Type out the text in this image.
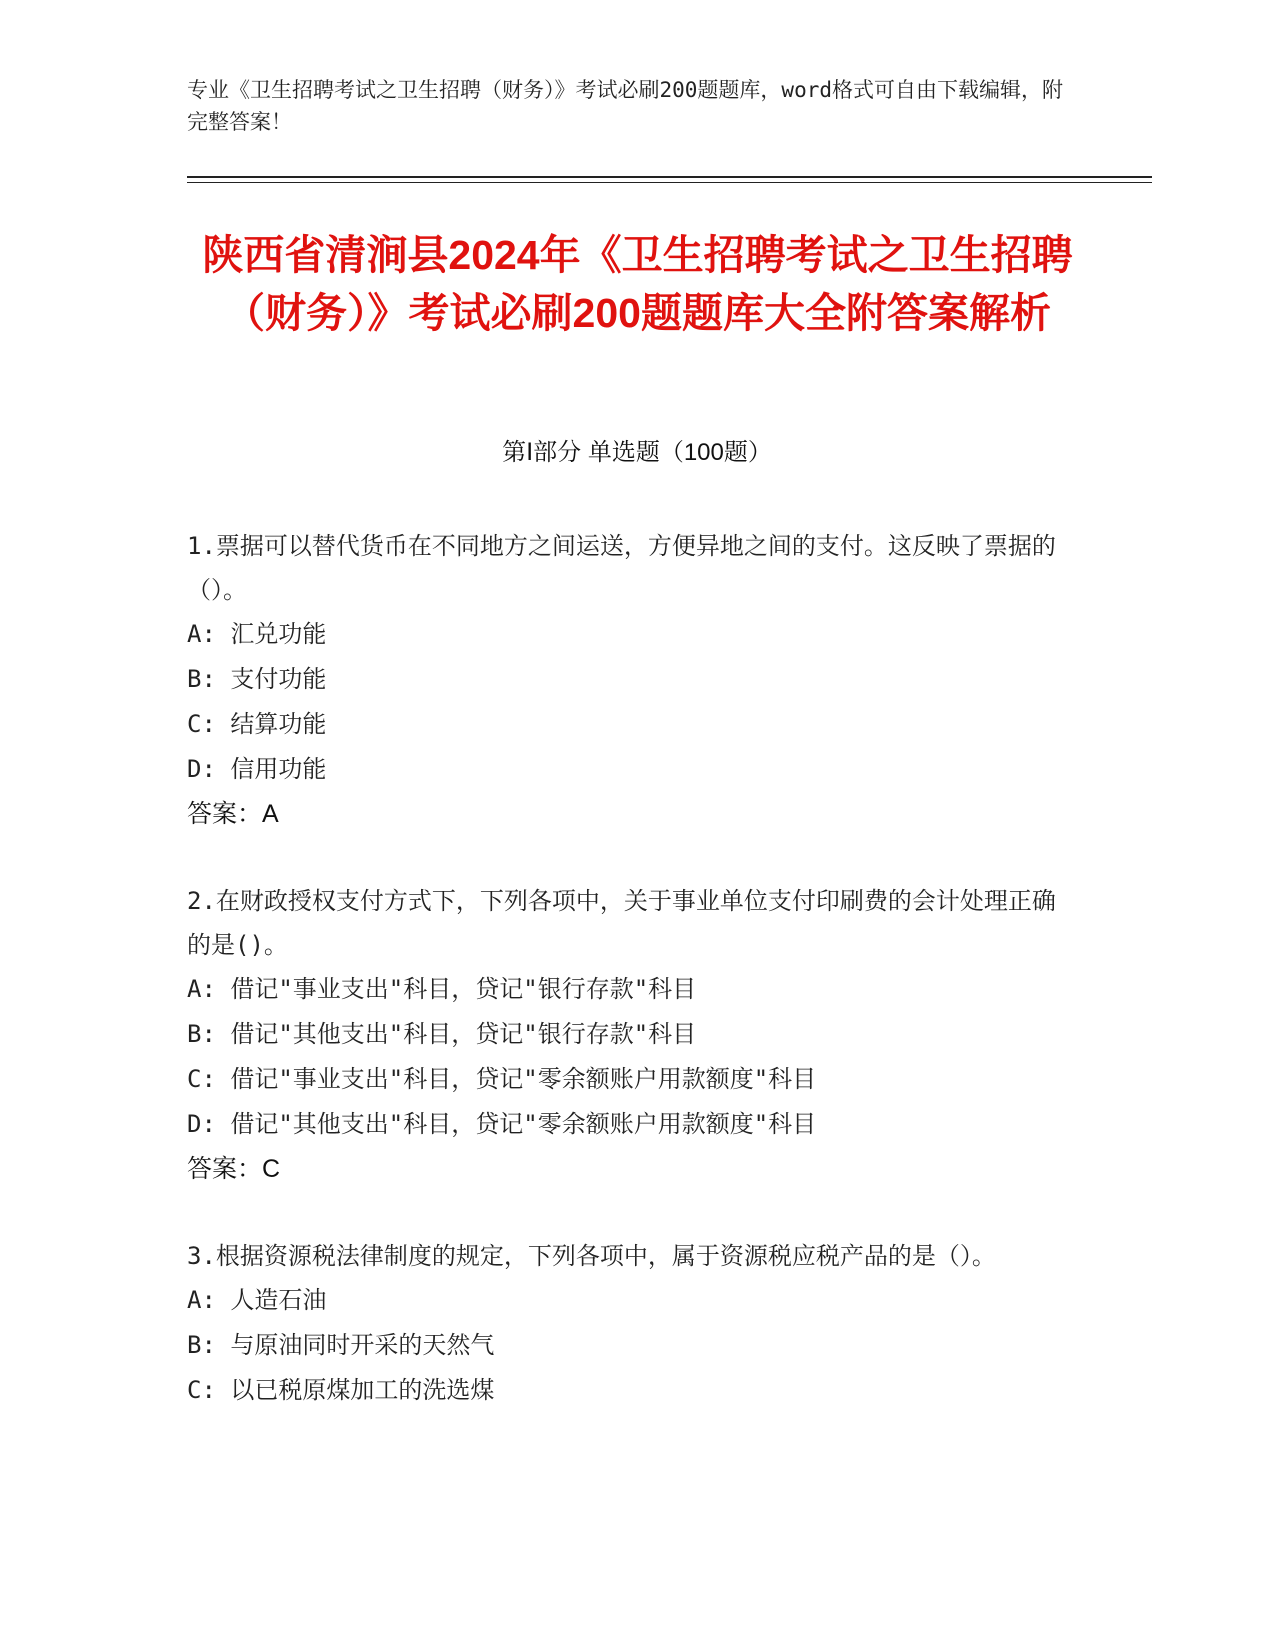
专业《卫生招聘考试之卫生招聘（财务）》考试必刷200题题库，word格式可自由下载编辑，附完整答案！
陕西省清涧县2024年《卫生招聘考试之卫生招聘（财务）》考试必刷200题题库大全附答案解析
第Ⅰ部分 单选题（100题）
1.票据可以替代货币在不同地方之间运送，方便异地之间的支付。这反映了票据的（）。
A: 汇兑功能
B: 支付功能
C: 结算功能
D: 信用功能
答案：A
2.在财政授权支付方式下，下列各项中，关于事业单位支付印刷费的会计处理正确的是()。
A: 借记"事业支出"科目，贷记"银行存款"科目
B: 借记"其他支出"科目，贷记"银行存款"科目
C: 借记"事业支出"科目，贷记"零余额账户用款额度"科目
D: 借记"其他支出"科目，贷记"零余额账户用款额度"科目
答案：C
3.根据资源税法律制度的规定，下列各项中，属于资源税应税产品的是（）。
A: 人造石油
B: 与原油同时开采的天然气
C: 以已税原煤加工的洗选煤
